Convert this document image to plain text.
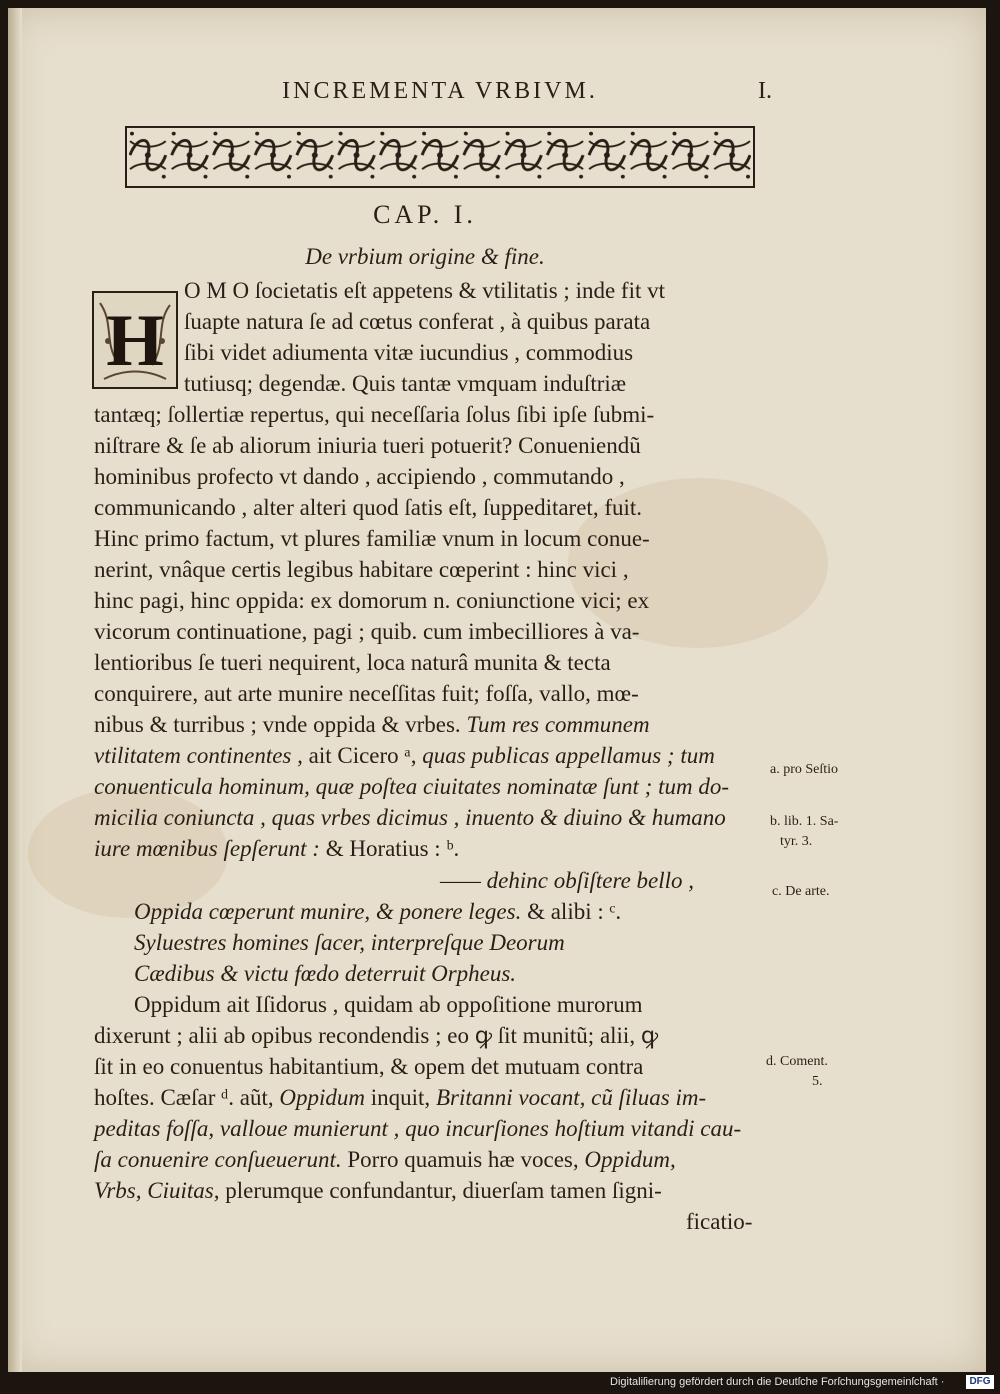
INCREMENTA VRBIVM.	I.
CAP. I.
De vrbium origine & fine.
H
O M O ſocietatis eſt appetens & vtilitatis ; inde fit vt
ſuapte natura ſe ad cœtus conferat , à quibus parata
ſibi videt adiumenta vitæ iucundius , commodius
tutiusq; degendæ. Quis tantæ vmquam induſtriæ
tantæq; ſollertiæ repertus, qui neceſſaria ſolus ſibi ipſe ſubmi-
niſtrare & ſe ab aliorum iniuria tueri potuerit? Conueniendũ
hominibus profecto vt dando , accipiendo , commutando ,
communicando , alter alteri quod ſatis eſt, ſuppeditaret, fuit.
Hinc primo factum, vt plures familiæ vnum in locum conue-
nerint, vnâque certis legibus habitare cœperint : hinc vici ,
hinc pagi, hinc oppida: ex domorum n. coniunctione vici; ex
vicorum continuatione, pagi ; quib. cum imbecilliores à va-
lentioribus ſe tueri nequirent, loca naturâ munita & tecta
conquirere, aut arte munire neceſſitas fuit; foſſa, vallo, mœ-
nibus & turribus ; vnde oppida & vrbes. Tum res communem
vtilitatem continentes , ait Cicero ᵃ, quas publicas appellamus ; tum
conuenticula hominum, quæ poſtea ciuitates nominatæ ſunt ; tum do-
micilia coniuncta , quas vrbes dicimus , inuento & diuino & humano
iure mœnibus ſepſerunt : & Horatius : ᵇ.
—— dehinc obſiſtere bello ,
Oppida cœperunt munire, & ponere leges. & alibi : ᶜ.
Syluestres homines ſacer, interpreſque Deorum
Cædibus & victu fœdo deterruit Orpheus.
Oppidum ait Iſidorus , quidam ab oppoſitione murorum
dixerunt ; alii ab opibus recondendis ; eo ꝙ ſit munitũ; alii, ꝙ
ſit in eo conuentus habitantium, & opem det mutuam contra
hoſtes. Cæſar ᵈ. aũt, Oppidum inquit, Britanni vocant, cũ ſiluas im-
peditas foſſa, valloue munierunt , quo incurſiones hoſtium vitandi cau-
ſa conuenire conſueuerunt. Porro quamuis hæ voces, Oppidum,
Vrbs, Ciuitas, plerumque confundantur, diuerſam tamen ſigni-
ficatio-
a. pro Seſtio
b. lib. 1. Sa-
tyr. 3.
c. De arte.
d. Coment.
5.
Digitaliſierung gefördert durch die Deutſche Forſchungsgemeinſchaft ·	DFG
